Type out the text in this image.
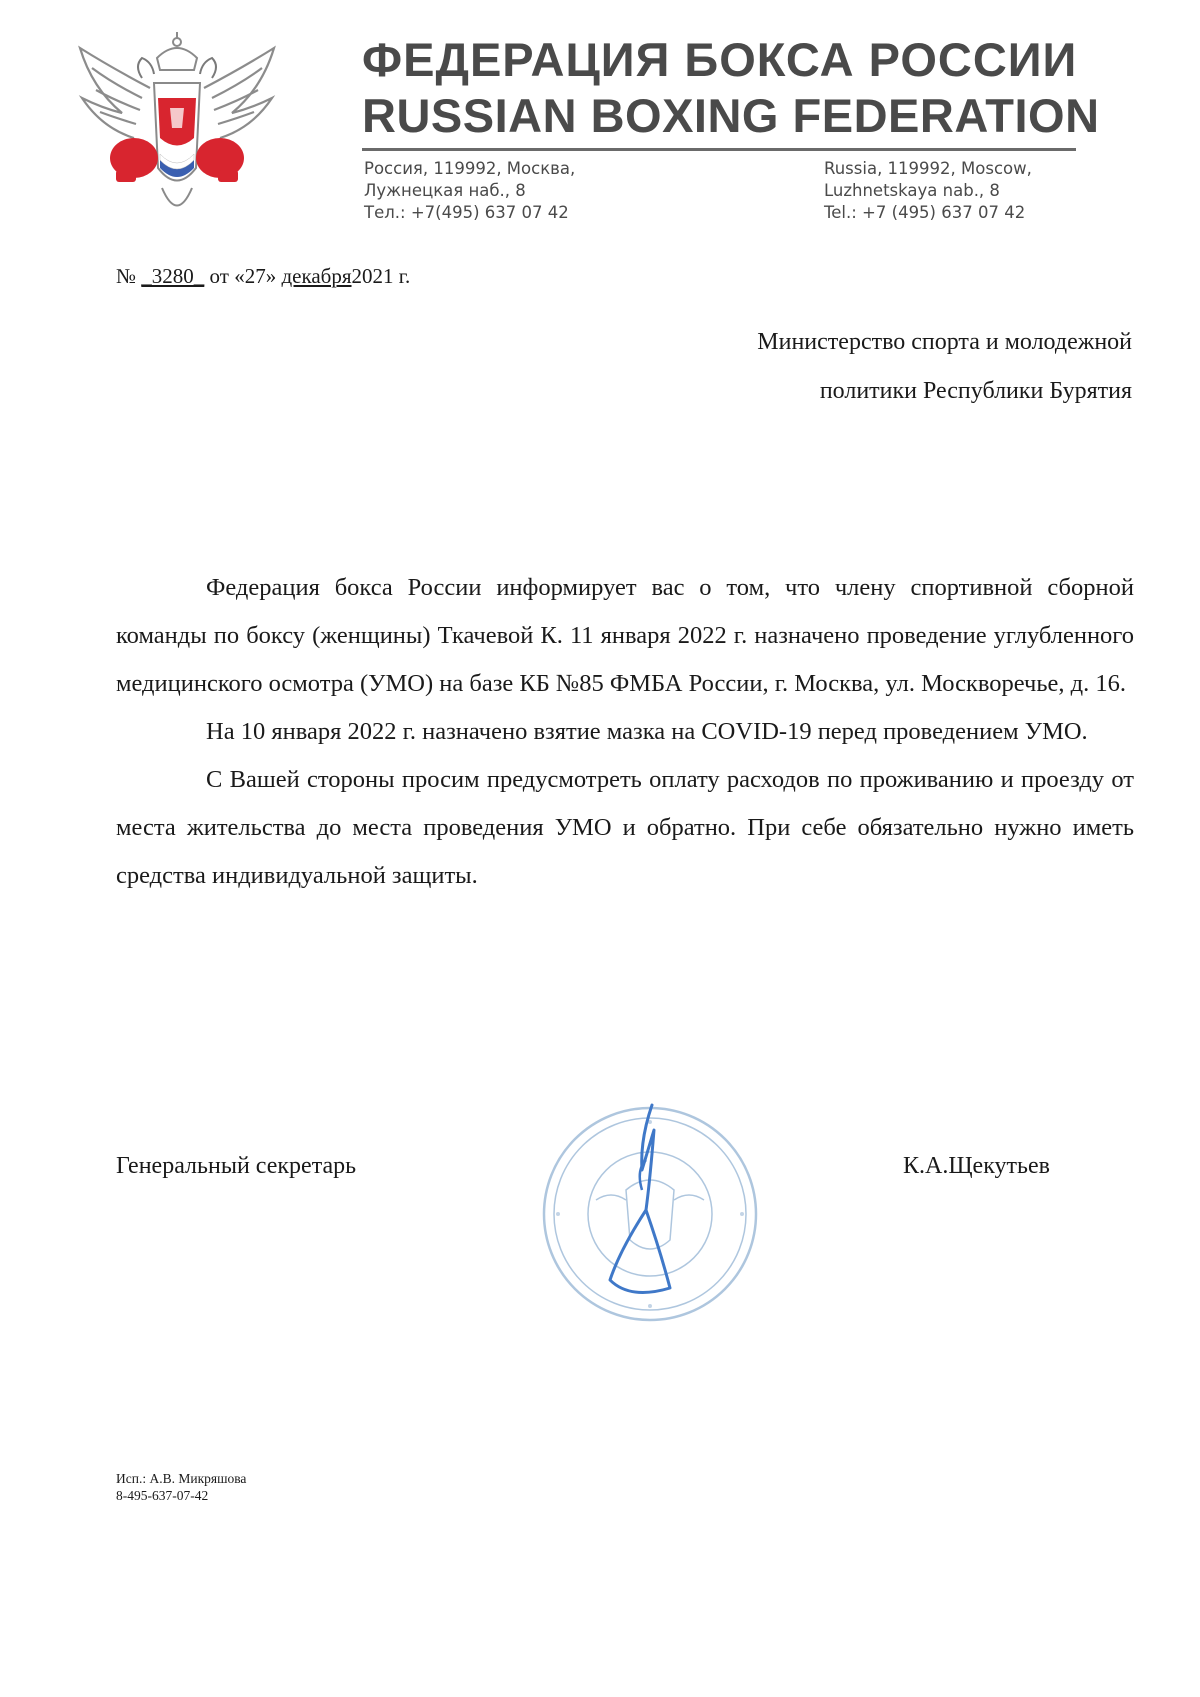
ФЕДЕРАЦИЯ БОКСА РОССИИ
RUSSIAN BOXING FEDERATION
Россия, 119992, Москва,
Лужнецкая наб., 8
Тел.: +7(495) 637 07 42
Russia, 119992, Moscow,
Luzhnetskaya nab., 8
Tel.: +7 (495) 637 07 42
№ _3280_ от «27» декабря2021 г.
Министерство спорта и молодежной
политики Республики Бурятия

Федерация бокса России информирует вас о том, что члену спортивной сборной команды по боксу (женщины) Ткачевой К. 11 января 2022 г. назначено проведение углубленного медицинского осмотра (УМО) на базе КБ №85 ФМБА России, г. Москва, ул. Москворечье, д. 16.

На 10 января 2022 г. назначено взятие мазка на COVID-19 перед проведением УМО.

С Вашей стороны просим предусмотреть оплату расходов по проживанию и проезду от места жительства до места проведения УМО и обратно. При себе обязательно нужно иметь средства индивидуальной защиты.

Генеральный секретарь	К.А.Щекутьев
Исп.: А.В. Микряшова
8-495-637-07-42
